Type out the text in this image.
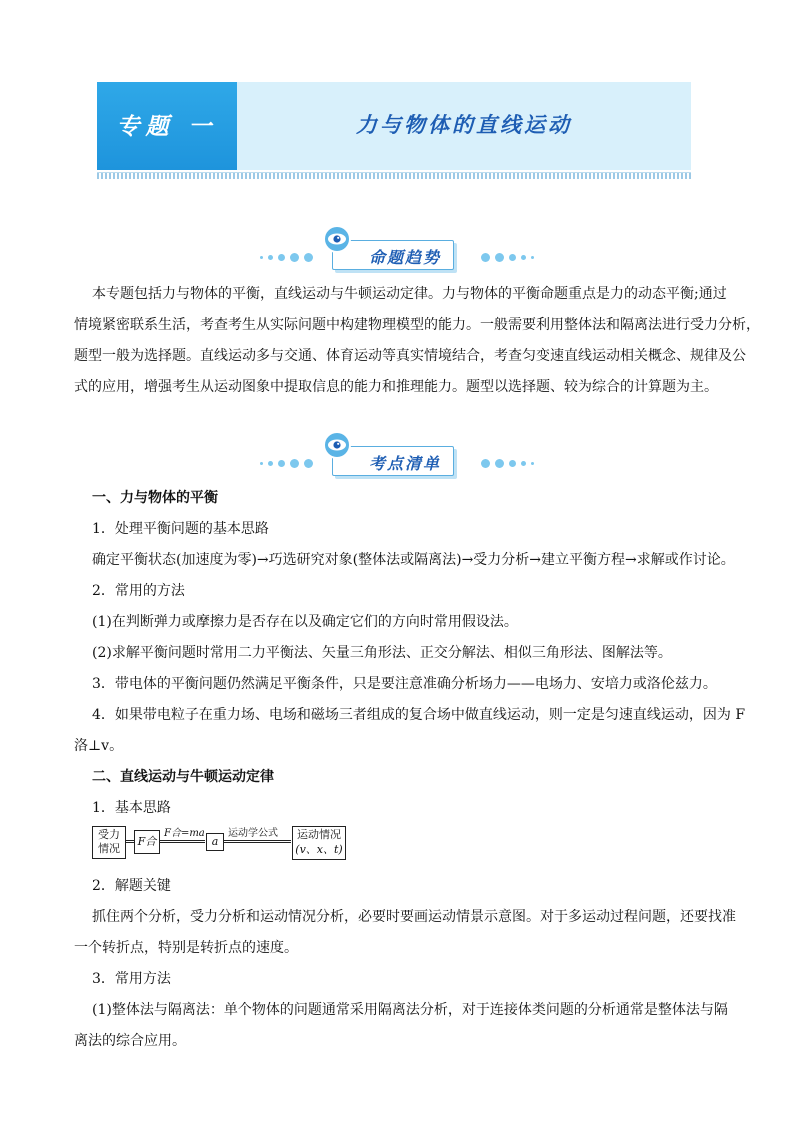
专题 一	力与物体的直线运动
命题趋势
本专题包括力与物体的平衡，直线运动与牛顿运动定律。力与物体的平衡命题重点是力的动态平衡;通过
情境紧密联系生活，考查考生从实际问题中构建物理模型的能力。一般需要利用整体法和隔离法进行受力分析，
题型一般为选择题。直线运动多与交通、体育运动等真实情境结合，考查匀变速直线运动相关概念、规律及公
式的应用，增强考生从运动图象中提取信息的能力和推理能力。题型以选择题、较为综合的计算题为主。
考点清单
一、力与物体的平衡
1．处理平衡问题的基本思路
确定平衡状态(加速度为零)→巧选研究对象(整体法或隔离法)→受力分析→建立平衡方程→求解或作讨论。
2．常用的方法
(1)在判断弹力或摩擦力是否存在以及确定它们的方向时常用假设法。
(2)求解平衡问题时常用二力平衡法、矢量三角形法、正交分解法、相似三角形法、图解法等。
3．带电体的平衡问题仍然满足平衡条件，只是要注意准确分析场力——电场力、安培力或洛伦兹力。
4．如果带电粒子在重力场、电场和磁场三者组成的复合场中做直线运动，则一定是匀速直线运动，因为 F
洛⊥v。
二、直线运动与牛顿运动定律
1．基本思路
受力
情况
F合
F合=ma
a
运动学公式	运动情况
(v、x、t)
2．解题关键
抓住两个分析，受力分析和运动情况分析，必要时要画运动情景示意图。对于多运动过程问题，还要找准
一个转折点，特别是转折点的速度。
3．常用方法
(1)整体法与隔离法：单个物体的问题通常采用隔离法分析，对于连接体类问题的分析通常是整体法与隔
离法的综合应用。
